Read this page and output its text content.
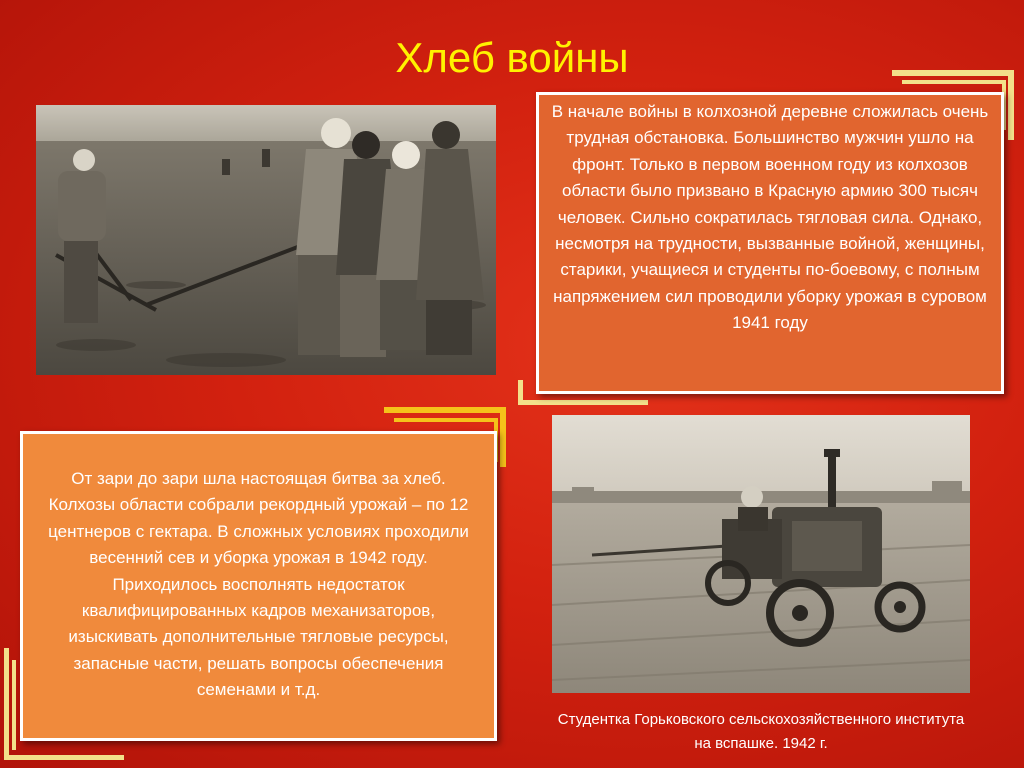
Хлеб войны
В начале войны в колхозной деревне сложилась очень трудная обстановка. Большинство мужчин ушло на фронт. Только в первом военном году из колхозов области было призвано в Красную армию 300 тысяч человек. Сильно сократилась тягловая сила. Однако, несмотря на трудности, вызванные войной, женщины, старики, учащиеся и студенты по-боевому, с полным напряжением сил проводили уборку урожая в суровом 1941 году
От зари до зари шла настоящая битва за хлеб. Колхозы области собрали рекордный урожай – по 12 центнеров с гектара. В сложных условиях проходили весенний сев и уборка урожая в 1942 году. Приходилось восполнять недостаток квалифицированных кадров механизаторов, изыскивать дополнительные тягловые ресурсы, запасные части, решать вопросы обеспечения семенами и т.д.
Студентка Горьковского сельскохозяйственного института на вспашке. 1942 г.
